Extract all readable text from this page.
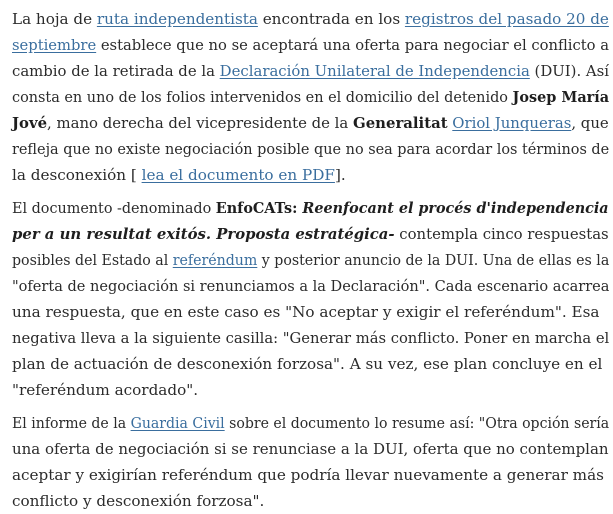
La hoja de ruta independentista encontrada en los registros del pasado 20 de
septiembre establece que no se aceptará una oferta para negociar el conflicto a
cambio de la retirada de la Declaración Unilateral de Independencia (DUI). Así
consta en uno de los folios intervenidos en el domicilio del detenido Josep María
Jové, mano derecha del vicepresidente de la Generalitat Oriol Junqueras, que
refleja que no existe negociación posible que no sea para acordar los términos de
la desconexión [ lea el documento en PDF].

El documento -denominado EnfoCATs: Reenfocant el procés d'independencia
per a un resultat exitós. Proposta estratégica- contempla cinco respuestas
posibles del Estado al referéndum y posterior anuncio de la DUI. Una de ellas es la
"oferta de negociación si renunciamos a la Declaración". Cada escenario acarrea
una respuesta, que en este caso es "No aceptar y exigir el referéndum". Esa
negativa lleva a la siguiente casilla: "Generar más conflicto. Poner en marcha el
plan de actuación de desconexión forzosa". A su vez, ese plan concluye en el
"referéndum acordado".

El informe de la Guardia Civil sobre el documento lo resume así: "Otra opción sería
una oferta de negociación si se renunciase a la DUI, oferta que no contemplan
aceptar y exigirían referéndum que podría llevar nuevamente a generar más
conflicto y desconexión forzosa".
